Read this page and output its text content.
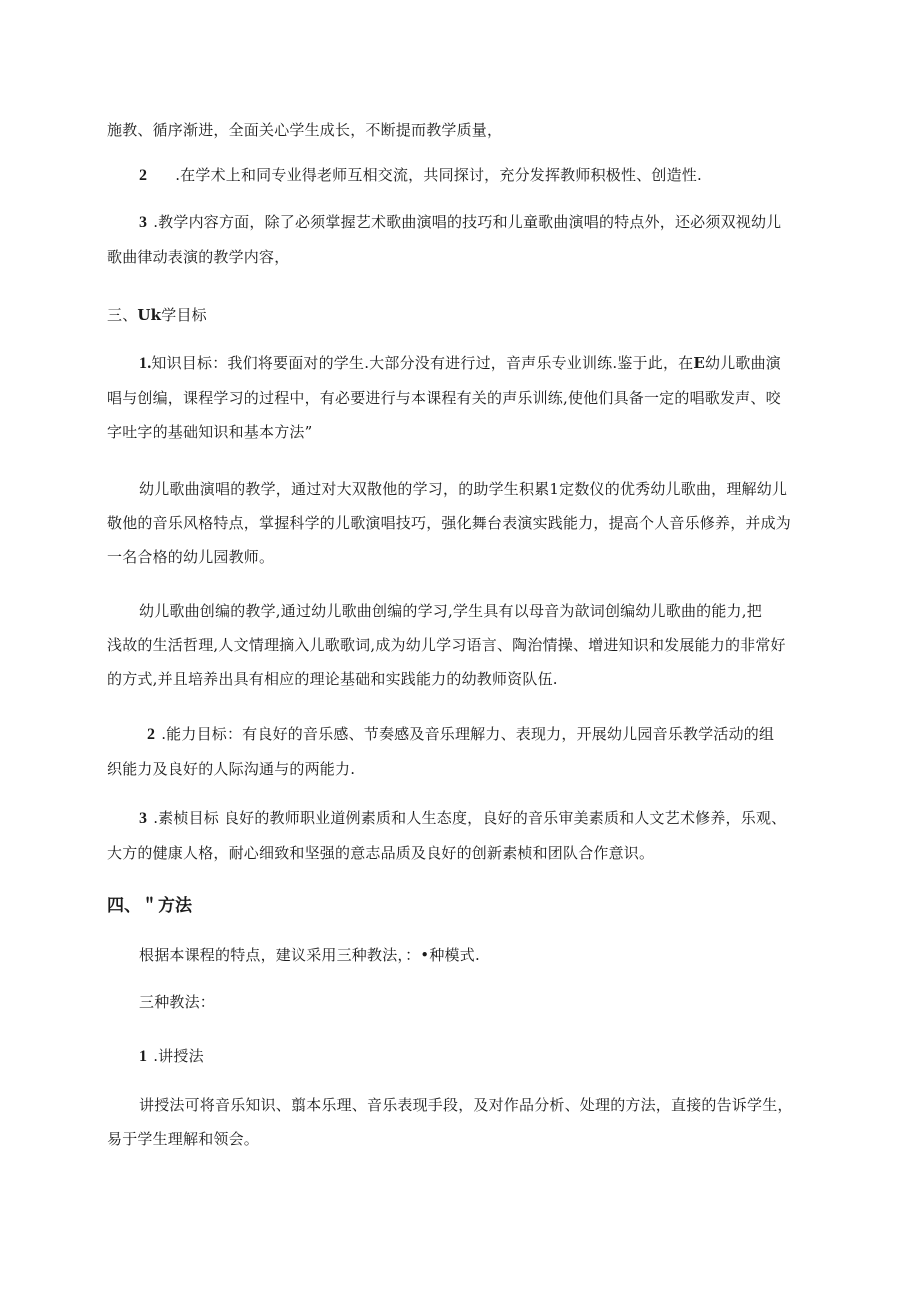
施教、循序渐进，全面关心学生成长，不断提而教学质量，
2 .在学术上和同专业得老师互相交流，共同探讨，充分发挥教师积极性、创造性.
3 .教学内容方面，除了必须掌握艺术歌曲演唱的技巧和儿童歌曲演唱的特点外，还必须双视幼儿
歌曲律动表演的教学内容，
三、Uk学目标
1.知识目标：我们将要面对的学生.大部分没有进行过，音声乐专业训练.鉴于此，在E幼儿歌曲演
唱与创编，课程学习的过程中，有必要进行与本课程有关的声乐训练,使他们具备一定的唱歌发声、咬
字吐字的基础知识和基本方法”
幼儿歌曲演唱的教学，通过对大双散他的学习，的助学生积累1定数仪的优秀幼儿歌曲，理解幼儿
敬他的音乐风格特点，掌握科学的儿歌演唱技巧，强化舞台表演实践能力，提高个人音乐修养，并成为
一名合格的幼儿园教师。
幼儿歌曲创编的教学,通过幼儿歌曲创编的学习,学生具有以母音为歆词创编幼儿歌曲的能力,把
浅故的生活哲理,人文情理摘入儿歌歌词,成为幼儿学习语言、陶治情操、增进知识和发展能力的非常好
的方式,并且培养出具有相应的理论基础和实践能力的幼教师资队伍.
2 .能力目标：有良好的音乐感、节奏感及音乐理解力、表现力，开展幼儿园音乐教学活动的组
织能力及良好的人际沟通与的两能力.
3 .素桢目标 良好的教师职业道例素质和人生态度，良好的音乐审美素质和人文艺术修养，乐观、
大方的健康人格，耐心细致和坚强的意志品质及良好的创新素桢和团队合作意识。
四、＂方法
根据本课程的特点，建议采用三种教法，：•种模式.
三种教法：
1 .讲授法
讲授法可将音乐知识、翦本乐理、音乐表现手段，及对作品分析、处理的方法，直接的告诉学生，
易于学生理解和领会。
